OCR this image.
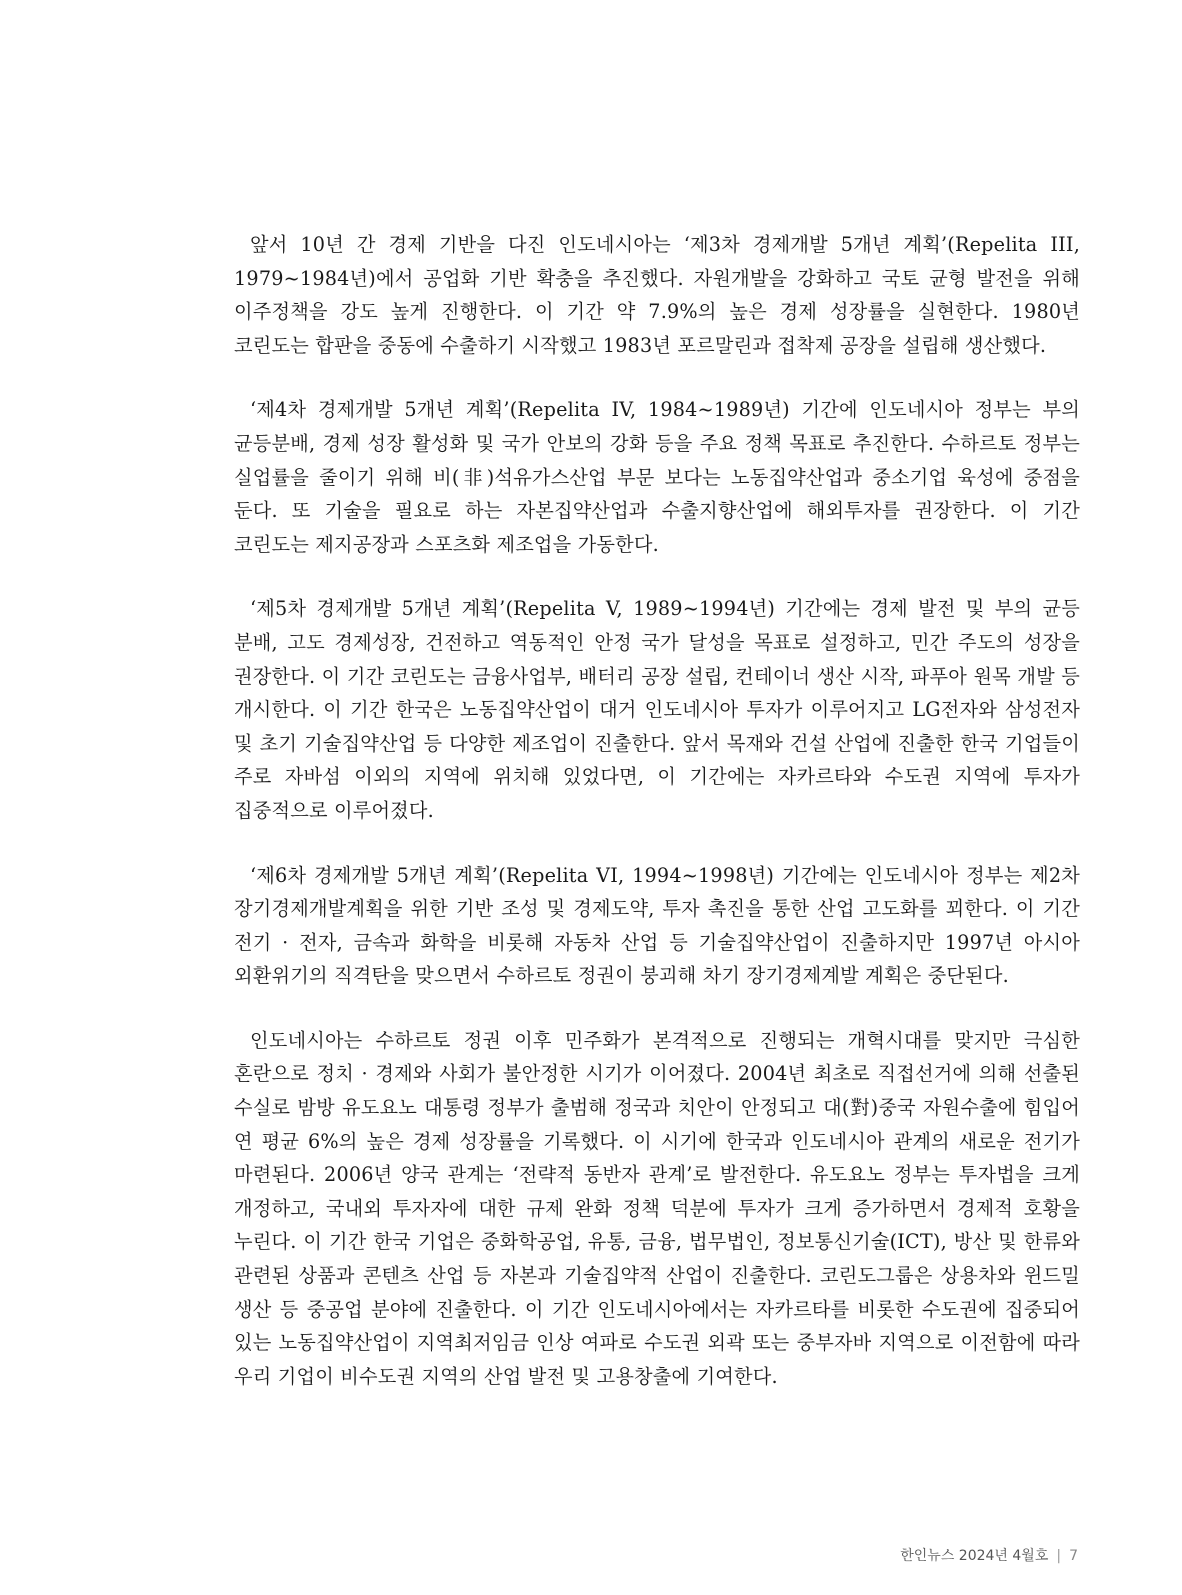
앞서 10년 간 경제 기반을 다진 인도네시아는 ‘제3차 경제개발 5개년 계획’(Repelita III, 1979~1984년)에서 공업화 기반 확충을 추진했다. 자원개발을 강화하고 국토 균형 발전을 위해 이주정책을 강도 높게 진행한다. 이 기간 약 7.9%의 높은 경제 성장률을 실현한다. 1980년 코린도는 합판을 중동에 수출하기 시작했고 1983년 포르말린과 접착제 공장을 설립해 생산했다.

‘제4차 경제개발 5개년 계획’(Repelita IV, 1984~1989년) 기간에 인도네시아 정부는 부의 균등분배, 경제 성장 활성화 및 국가 안보의 강화 등을 주요 정책 목표로 추진한다. 수하르토 정부는 실업률을 줄이기 위해 비(非)석유가스산업 부문 보다는 노동집약산업과 중소기업 육성에 중점을 둔다. 또 기술을 필요로 하는 자본집약산업과 수출지향산업에 해외투자를 권장한다. 이 기간 코린도는 제지공장과 스포츠화 제조업을 가동한다.

‘제5차 경제개발 5개년 계획’(Repelita V, 1989~1994년) 기간에는 경제 발전 및 부의 균등 분배, 고도 경제성장, 건전하고 역동적인 안정 국가 달성을 목표로 설정하고, 민간 주도의 성장을 권장한다. 이 기간 코린도는 금융사업부, 배터리 공장 설립, 컨테이너 생산 시작, 파푸아 원목 개발 등 개시한다. 이 기간 한국은 노동집약산업이 대거 인도네시아 투자가 이루어지고 LG전자와 삼성전자 및 초기 기술집약산업 등 다양한 제조업이 진출한다. 앞서 목재와 건설 산업에 진출한 한국 기업들이 주로 자바섬 이외의 지역에 위치해 있었다면, 이 기간에는 자카르타와 수도권 지역에 투자가 집중적으로 이루어졌다.

‘제6차 경제개발 5개년 계획’(Repelita VI, 1994~1998년) 기간에는 인도네시아 정부는 제2차 장기경제개발계획을 위한 기반 조성 및 경제도약, 투자 촉진을 통한 산업 고도화를 꾀한다. 이 기간 전기 · 전자, 금속과 화학을 비롯해 자동차 산업 등 기술집약산업이 진출하지만 1997년 아시아 외환위기의 직격탄을 맞으면서 수하르토 정권이 붕괴해 차기 장기경제계발 계획은 중단된다.

인도네시아는 수하르토 정권 이후 민주화가 본격적으로 진행되는 개혁시대를 맞지만 극심한 혼란으로 정치 · 경제와 사회가 불안정한 시기가 이어졌다. 2004년 최초로 직접선거에 의해 선출된 수실로 밤방 유도요노 대통령 정부가 출범해 정국과 치안이 안정되고 대(對)중국 자원수출에 힘입어 연 평균 6%의 높은 경제 성장률을 기록했다. 이 시기에 한국과 인도네시아 관계의 새로운 전기가 마련된다. 2006년 양국 관계는 ‘전략적 동반자 관계’로 발전한다. 유도요노 정부는 투자법을 크게 개정하고, 국내외 투자자에 대한 규제 완화 정책 덕분에 투자가 크게 증가하면서 경제적 호황을 누린다. 이 기간 한국 기업은 중화학공업, 유통, 금융, 법무법인, 정보통신기술(ICT), 방산 및 한류와 관련된 상품과 콘텐츠 산업 등 자본과 기술집약적 산업이 진출한다. 코린도그룹은 상용차와 윈드밀 생산 등 중공업 분야에 진출한다. 이 기간 인도네시아에서는 자카르타를 비롯한 수도권에 집중되어 있는 노동집약산업이 지역최저임금 인상 여파로 수도권 외곽 또는 중부자바 지역으로 이전함에 따라 우리 기업이 비수도권 지역의 산업 발전 및 고용창출에 기여한다.

한인뉴스 2024년 4월호 | 7
